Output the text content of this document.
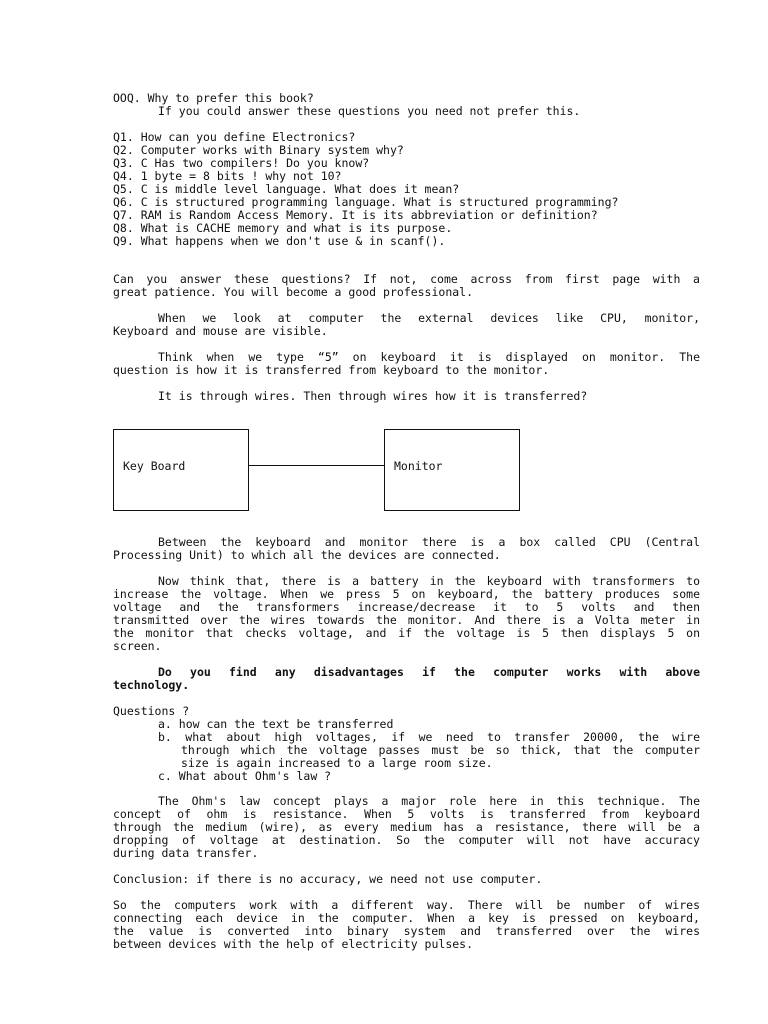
OOQ. Why to prefer this book?
If you could answer these questions you need not prefer this.
Q1. How can you define Electronics?
Q2. Computer works with Binary system why?
Q3. C Has two compilers! Do you know?
Q4. 1 byte = 8 bits ! why not 10?
Q5. C is middle level language. What does it mean?
Q6. C is structured programming language. What is structured programming?
Q7. RAM is Random Access Memory. It is its abbreviation or definition?
Q8. What is CACHE memory and what is its purpose.
Q9. What happens when we don't use & in scanf().
Can you answer these questions? If not, come across from first page with a
great patience. You will become a good professional.
When we look at computer the external devices like CPU, monitor,
Keyboard and mouse are visible.
Think when we type “5” on keyboard it is displayed on monitor. The
question is how it is transferred from keyboard to the monitor.
It is through wires. Then through wires how it is transferred?
Key Board	Monitor
Between the keyboard and monitor there is a box called CPU (Central
Processing Unit) to which all the devices are connected.
Now think that, there is a battery in the keyboard with transformers to
increase the voltage. When we press 5 on keyboard, the battery produces some
voltage and the transformers increase/decrease it to 5 volts and then
transmitted over the wires towards the monitor. And there is a Volta meter in
the monitor that checks voltage, and if the voltage is 5 then displays 5 on
screen.
Do you find any disadvantages if the computer works with above
technology.
Questions ?
a. how can the text be transferred
b. what about high voltages, if we need to transfer 20000, the wire
through which the voltage passes must be so thick, that the computer
size is again increased to a large room size.
c. What about Ohm's law ?
The Ohm's law concept plays a major role here in this technique. The
concept of ohm is resistance. When 5 volts is transferred from keyboard
through the medium (wire), as every medium has a resistance, there will be a
dropping of voltage at destination. So the computer will not have accuracy
during data transfer.
Conclusion: if there is no accuracy, we need not use computer.
So the computers work with a different way. There will be number of wires
connecting each device in the computer. When a key is pressed on keyboard,
the value is converted into binary system and transferred over the wires
between devices with the help of electricity pulses.
